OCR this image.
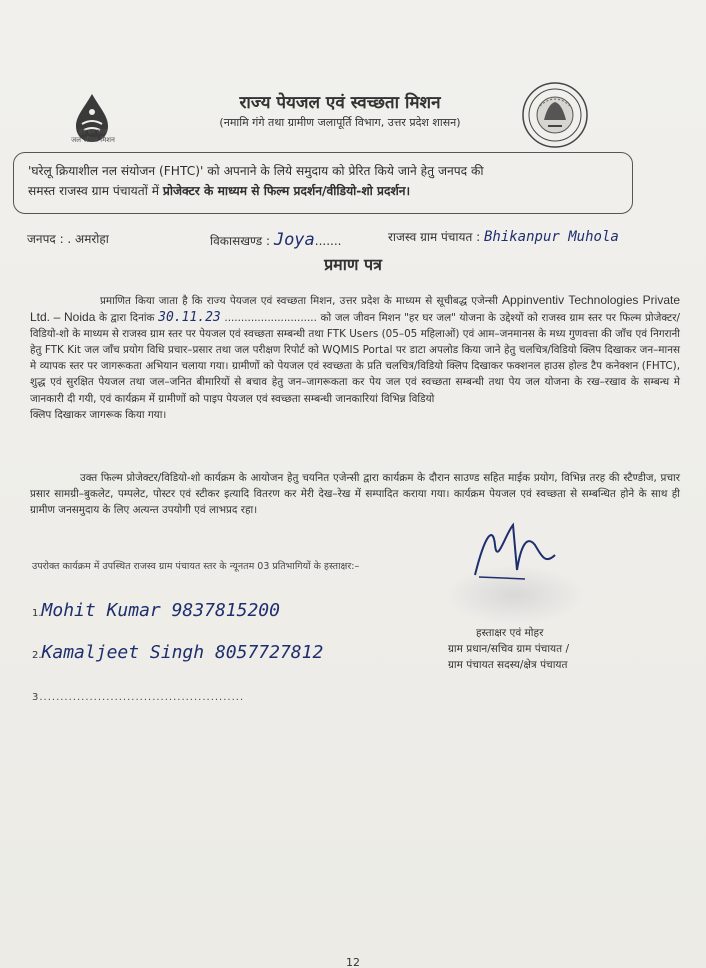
हर घर जल
जल जीवन मिशन
राज्य पेयजल एवं स्वच्छता मिशन
(नमामि गंगे तथा ग्रामीण जलापूर्ति विभाग, उत्तर प्रदेश शासन)
'घरेलू क्रियाशील नल संयोजन (FHTC)' को अपनाने के लिये समुदाय को प्रेरित किये जाने हेतु जनपद की
समस्त राजस्व ग्राम पंचायतों में प्रोजेक्टर के माध्यम से फिल्म प्रदर्शन/वीडियो-शो प्रदर्शन।
जनपद : . अमरोहा	विकासखण्ड : Joya.......	राजस्व ग्राम पंचायत : Bhikanpur Muhola
प्रमाण पत्र
प्रमाणित किया जाता है कि राज्य पेयजल एवं स्वच्छता मिशन, उत्तर प्रदेश के माध्यम से सूचीबद्ध एजेन्सी Appinventiv Technologies Private Ltd. – Noida के द्वारा दिनांक 30.11.23 ............................ को जल जीवन मिशन "हर घर जल" योजना के उद्देश्यों को राजस्व ग्राम स्तर पर फिल्म प्रोजेक्टर/विडियो-शो के माध्यम से राजस्व ग्राम स्तर पर पेयजल एवं स्वच्छता सम्बन्धी तथा FTK Users (05–05 महिलाओं) एवं आम–जनमानस के मध्य गुणवत्ता की जाँच एवं निगरानी हेतु FTK Kit जल जाँच प्रयोग विधि प्रचार–प्रसार तथा जल परीक्षण रिपोर्ट को WQMIS Portal पर डाटा अपलोड किया जाने हेतु चलचित्र/विडियो क्लिप दिखाकर जन–मानस मे व्यापक स्तर पर जागरूकता अभियान चलाया गया। ग्रामीणों को पेयजल एवं स्वच्छता के प्रति चलचित्र/विडियो क्लिप दिखाकर फक्शनल हाउस होल्ड टैप कनेक्शन (FHTC), शुद्ध एवं सुरक्षित पेयजल तथा जल–जनित बीमारियों से बचाव हेतु जन–जागरूकता कर पेय जल एवं स्वच्छता सम्बन्धी तथा पेय जल योजना के रख–रखाव के सम्बन्ध मे जानकारी दी गयी, एवं कार्यक्रम में ग्रामीणों को पाइप पेयजल एवं स्वच्छता सम्बन्धी जानकारियां विभिन्न विडियो
क्लिप दिखाकर जागरूक किया गया।
उक्त फिल्म प्रोजेक्टर/विडियो-शो कार्यक्रम के आयोजन हेतु चयनित एजेन्सी द्वारा कार्यक्रम के दौरान साउण्ड सहित माईक प्रयोग, विभिन्न तरह की स्टैण्डीज, प्रचार प्रसार सामग्री–बुकलेट, पम्पलेट, पोस्टर एवं स्टीकर इत्यादि वितरण कर मेरी देख–रेख में सम्पादित कराया गया। कार्यक्रम पेयजल एवं स्वच्छता से सम्बन्धित होने के साथ ही ग्रामीण जनसमुदाय के लिए अत्यन्त उपयोगी एवं लाभप्रद रहा।
उपरोक्त कार्यक्रम में उपस्थित राजस्व ग्राम पंचायत स्तर के न्यूनतम 03 प्रतिभागियों के हस्ताक्षर:–
1.Mohit Kumar 9837815200
2.Kamaljeet Singh 8057727812
3.................................................
हस्ताक्षर एवं मोहर
ग्राम प्रधान/सचिव ग्राम पंचायत /
ग्राम पंचायत सदस्य/क्षेत्र पंचायत
12
